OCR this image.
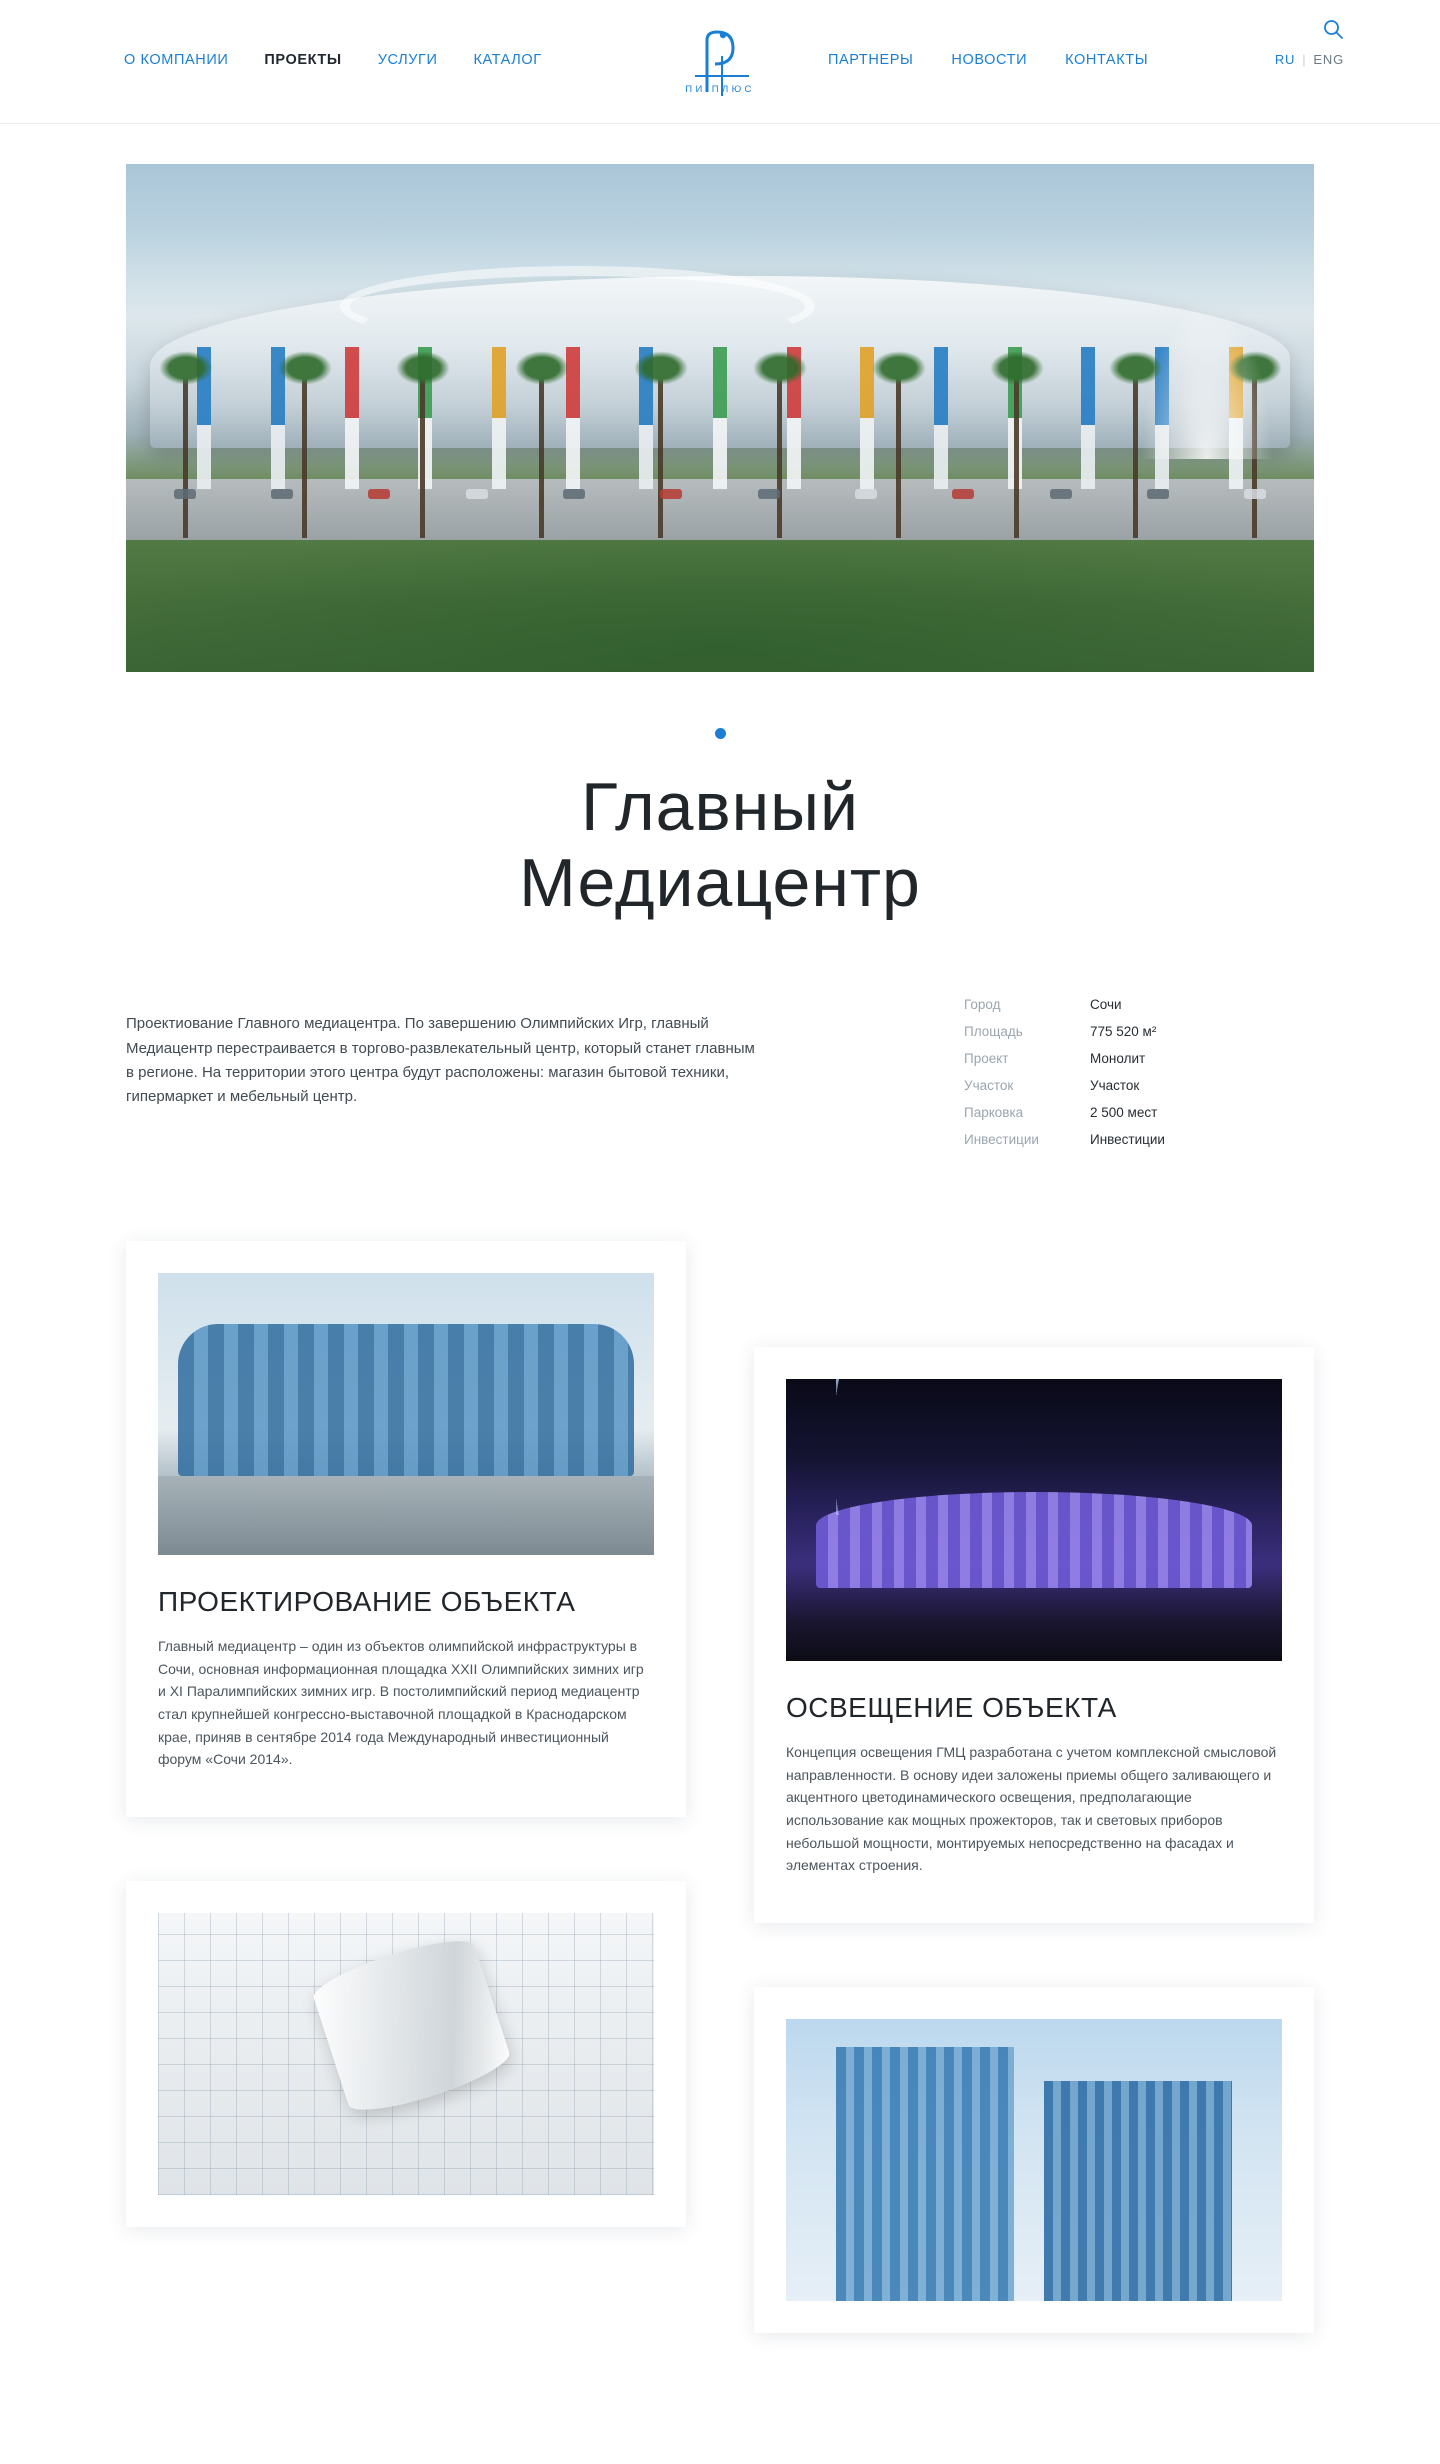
О КОМПАНИИ ПРОЕКТЫ УСЛУГИ КАТАЛОГ
ПИ ПЛЮС
ПАРТНЕРЫ	НОВОСТИ	КОНТАКТЫ	RU | ENG
Главный
Медиацентр

Проектиование Главного медиацентра. По завершению Олимпийских Игр, главный Медиацентр перестраивается в торгово-развлекательный центр, который станет главным в регионе. На территории этого центра будут расположены: магазин бытовой техники, гипермаркет и мебельный центр.

Город	Сочи
Площадь	775 520 м²
Проект	Монолит
Участок	Участок
Парковка	2 500 мест
Инвестиции	Инвестиции
ПРОЕКТИРОВАНИЕ ОБЪЕКТА

Главный медиацентр – один из объектов олимпийской инфраструктуры в Сочи, основная информационная площадка XXII Олимпийских зимних игр и XI Паралимпийских зимних игр. В постолимпийский период медиацентр стал крупнейшей конгрессно-выставочной площадкой в Краснодарском крае, приняв в сентябре 2014 года Международный инвестиционный форум «Сочи 2014».

ОСВЕЩЕНИЕ ОБЪЕКТА

Концепция освещения ГМЦ разработана с учетом комплексной смысловой направленности. В основу идеи заложены приемы общего заливающего и акцентного цветодинамического освещения, предполагающие использование как мощных прожекторов, так и световых приборов небольшой мощности, монтируемых непосредственно на фасадах и элементах строения.
